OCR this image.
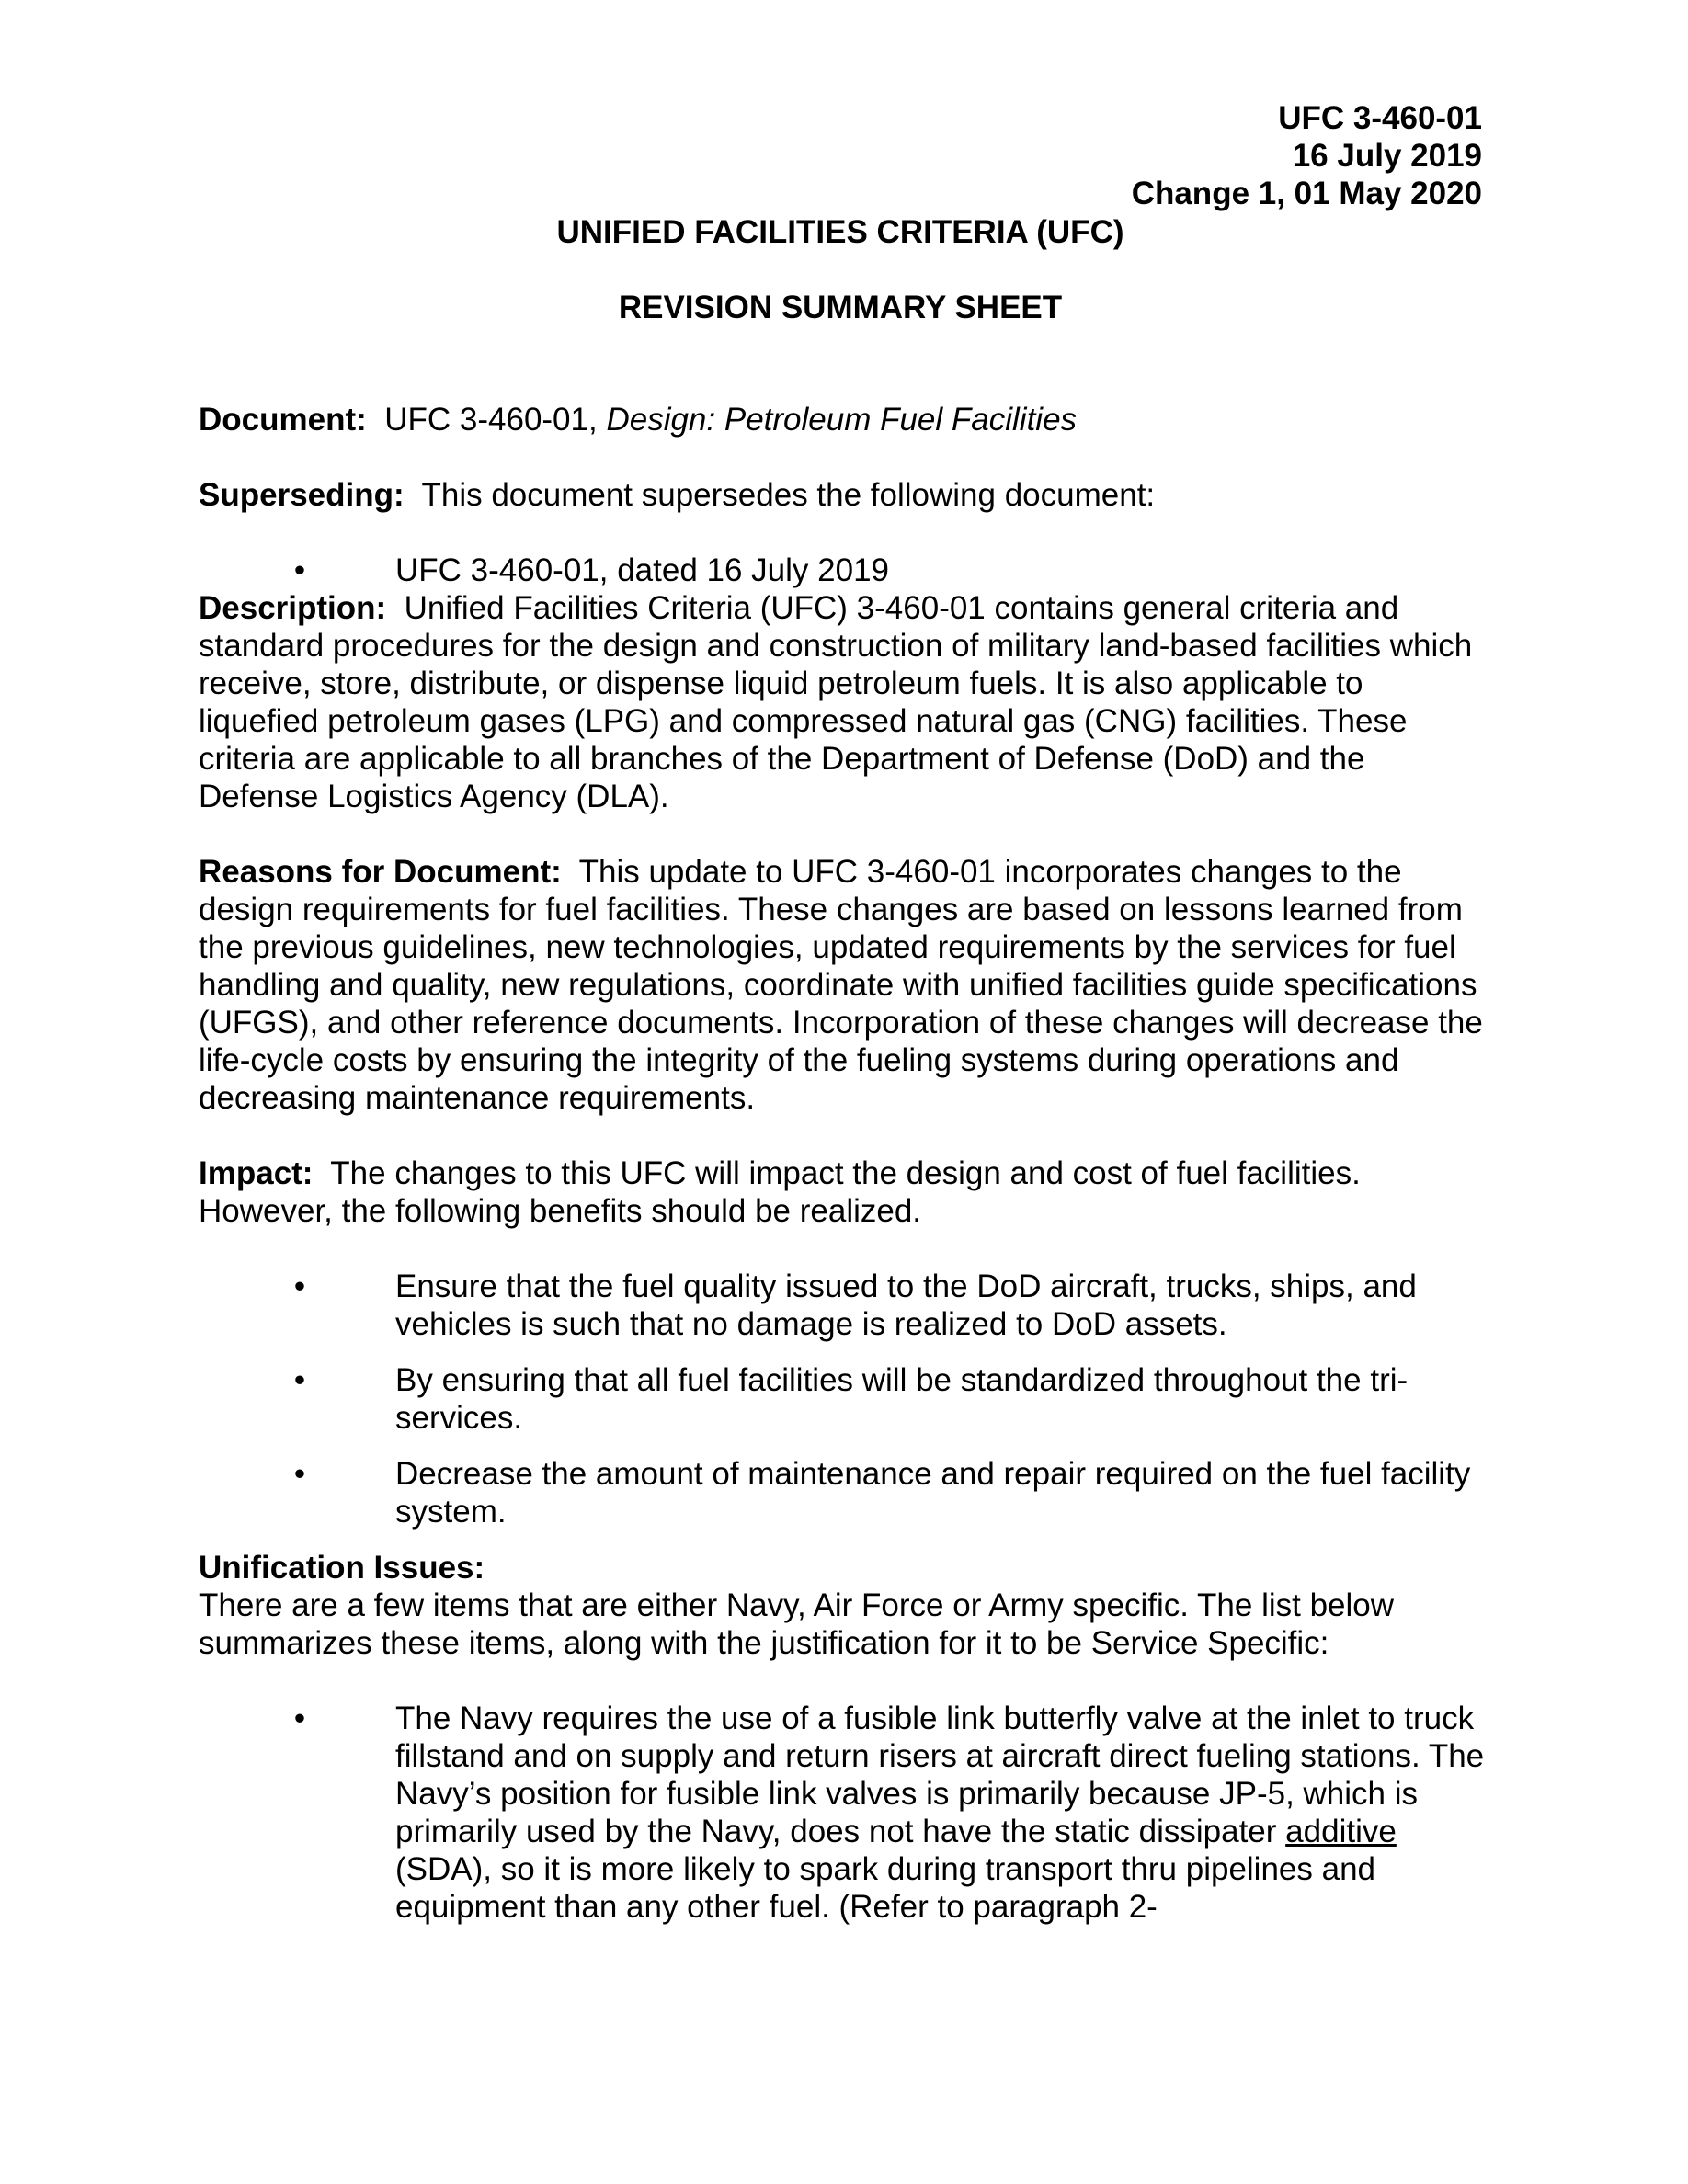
UFC 3-460-01
16 July 2019
Change 1, 01 May 2020
UNIFIED FACILITIES CRITERIA (UFC)
REVISION SUMMARY SHEET

Document: UFC 3-460-01, Design: Petroleum Fuel Facilities

Superseding: This document supersedes the following document:

•	UFC 3-460-01, dated 16 July 2019

Description: Unified Facilities Criteria (UFC) 3-460-01 contains general criteria and standard procedures for the design and construction of military land-based facilities which receive, store, distribute, or dispense liquid petroleum fuels. It is also applicable to liquefied petroleum gases (LPG) and compressed natural gas (CNG) facilities. These criteria are applicable to all branches of the Department of Defense (DoD) and the Defense Logistics Agency (DLA).

Reasons for Document: This update to UFC 3-460-01 incorporates changes to the design requirements for fuel facilities. These changes are based on lessons learned from the previous guidelines, new technologies, updated requirements by the services for fuel handling and quality, new regulations, coordinate with unified facilities guide specifications (UFGS), and other reference documents. Incorporation of these changes will decrease the life-cycle costs by ensuring the integrity of the fueling systems during operations and decreasing maintenance requirements.

Impact: The changes to this UFC will impact the design and cost of fuel facilities. However, the following benefits should be realized.

•	Ensure that the fuel quality issued to the DoD aircraft, trucks, ships, and vehicles is such that no damage is realized to DoD assets.
•	By ensuring that all fuel facilities will be standardized throughout the tri-services.
•	Decrease the amount of maintenance and repair required on the fuel facility system.

Unification Issues:

There are a few items that are either Navy, Air Force or Army specific. The list below summarizes these items, along with the justification for it to be Service Specific:

•	The Navy requires the use of a fusible link butterfly valve at the inlet to truck fillstand and on supply and return risers at aircraft direct fueling stations. The Navy’s position for fusible link valves is primarily because JP-5, which is primarily used by the Navy, does not have the static dissipater additive (SDA), so it is more likely to spark during transport thru pipelines and equipment than any other fuel. (Refer to paragraph 2-
